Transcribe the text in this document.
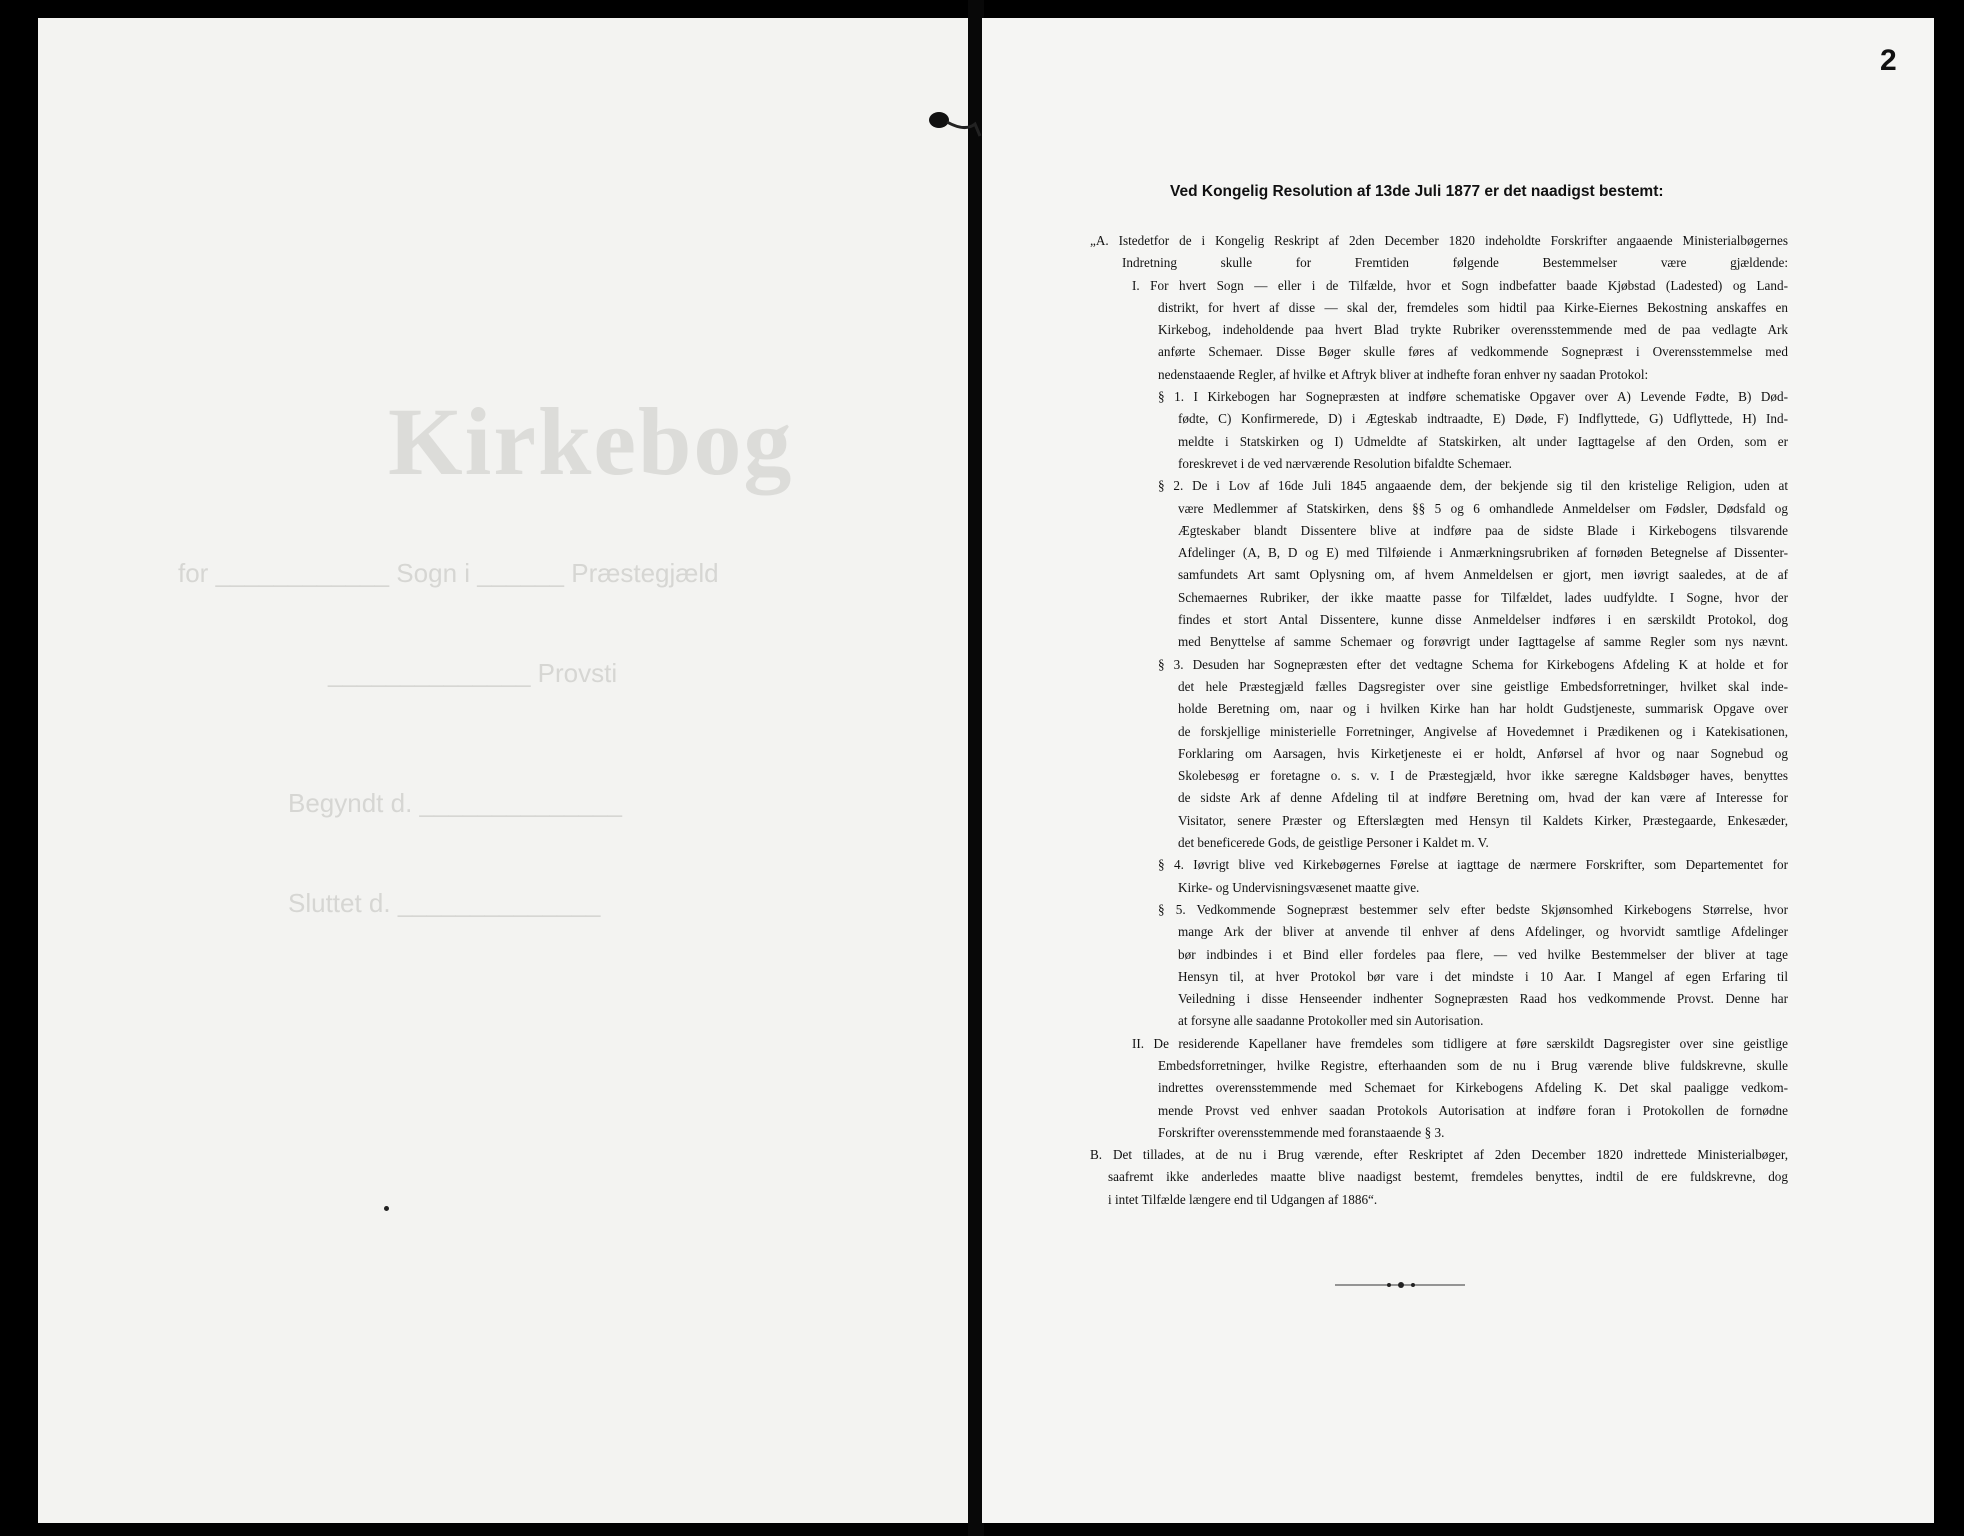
Kirkebog
for ____________ Sogn i ______ Præstegjæld
______________ Provsti
Begyndt d. ______________
Sluttet d. ______________
2
Ved Kongelig Resolution af 13de Juli 1877 er det naadigst bestemt:

„A. Istedetfor de i Kongelig Reskript af 2den December 1820 indeholdte Forskrifter angaaende Ministerialbøgernes

Indretning skulle for Fremtiden følgende Bestemmelser være gjældende:

I. For hvert Sogn — eller i de Tilfælde, hvor et Sogn indbefatter baade Kjøbstad (Ladested) og Land-

distrikt, for hvert af disse — skal der, fremdeles som hidtil paa Kirke-Eiernes Bekostning anskaffes en

Kirkebog, indeholdende paa hvert Blad trykte Rubriker overensstemmende med de paa vedlagte Ark

anførte Schemaer. Disse Bøger skulle føres af vedkommende Sognepræst i Overensstemmelse med

nedenstaaende Regler, af hvilke et Aftryk bliver at indhefte foran enhver ny saadan Protokol:

§ 1. I Kirkebogen har Sognepræsten at indføre schematiske Opgaver over A) Levende Fødte, B) Død-

fødte, C) Konfirmerede, D) i Ægteskab indtraadte, E) Døde, F) Indflyttede, G) Udflyttede, H) Ind-

meldte i Statskirken og I) Udmeldte af Statskirken, alt under Iagttagelse af den Orden, som er

foreskrevet i de ved nærværende Resolution bifaldte Schemaer.

§ 2. De i Lov af 16de Juli 1845 angaaende dem, der bekjende sig til den kristelige Religion, uden at

være Medlemmer af Statskirken, dens §§ 5 og 6 omhandlede Anmeldelser om Fødsler, Dødsfald og

Ægteskaber blandt Dissentere blive at indføre paa de sidste Blade i Kirkebogens tilsvarende

Afdelinger (A, B, D og E) med Tilføiende i Anmærkningsrubriken af fornøden Betegnelse af Dissenter-

samfundets Art samt Oplysning om, af hvem Anmeldelsen er gjort, men iøvrigt saaledes, at de af

Schemaernes Rubriker, der ikke maatte passe for Tilfældet, lades uudfyldte. I Sogne, hvor der

findes et stort Antal Dissentere, kunne disse Anmeldelser indføres i en særskildt Protokol, dog

med Benyttelse af samme Schemaer og forøvrigt under Iagttagelse af samme Regler som nys nævnt.

§ 3. Desuden har Sognepræsten efter det vedtagne Schema for Kirkebogens Afdeling K at holde et for

det hele Præstegjæld fælles Dagsregister over sine geistlige Embedsforretninger, hvilket skal inde-

holde Beretning om, naar og i hvilken Kirke han har holdt Gudstjeneste, summarisk Opgave over

de forskjellige ministerielle Forretninger, Angivelse af Hovedemnet i Prædikenen og i Katekisationen,

Forklaring om Aarsagen, hvis Kirketjeneste ei er holdt, Anførsel af hvor og naar Sognebud og

Skolebesøg er foretagne o. s. v. I de Præstegjæld, hvor ikke særegne Kaldsbøger haves, benyttes

de sidste Ark af denne Afdeling til at indføre Beretning om, hvad der kan være af Interesse for

Visitator, senere Præster og Efterslægten med Hensyn til Kaldets Kirker, Præstegaarde, Enkesæder,

det beneficerede Gods, de geistlige Personer i Kaldet m. V.

§ 4. Iøvrigt blive ved Kirkebøgernes Førelse at iagttage de nærmere Forskrifter, som Departementet for

Kirke- og Undervisningsvæsenet maatte give.

§ 5. Vedkommende Sognepræst bestemmer selv efter bedste Skjønsomhed Kirkebogens Størrelse, hvor

mange Ark der bliver at anvende til enhver af dens Afdelinger, og hvorvidt samtlige Afdelinger

bør indbindes i et Bind eller fordeles paa flere, — ved hvilke Bestemmelser der bliver at tage

Hensyn til, at hver Protokol bør vare i det mindste i 10 Aar. I Mangel af egen Erfaring til

Veiledning i disse Henseender indhenter Sognepræsten Raad hos vedkommende Provst. Denne har

at forsyne alle saadanne Protokoller med sin Autorisation.

II. De residerende Kapellaner have fremdeles som tidligere at føre særskildt Dagsregister over sine geistlige

Embedsforretninger, hvilke Registre, efterhaanden som de nu i Brug værende blive fuldskrevne, skulle

indrettes overensstemmende med Schemaet for Kirkebogens Afdeling K. Det skal paaligge vedkom-

mende Provst ved enhver saadan Protokols Autorisation at indføre foran i Protokollen de fornødne

Forskrifter overensstemmende med foranstaaende § 3.

B. Det tillades, at de nu i Brug værende, efter Reskriptet af 2den December 1820 indrettede Ministerialbøger,

saafremt ikke anderledes maatte blive naadigst bestemt, fremdeles benyttes, indtil de ere fuldskrevne, dog

i intet Tilfælde længere end til Udgangen af 1886“.
